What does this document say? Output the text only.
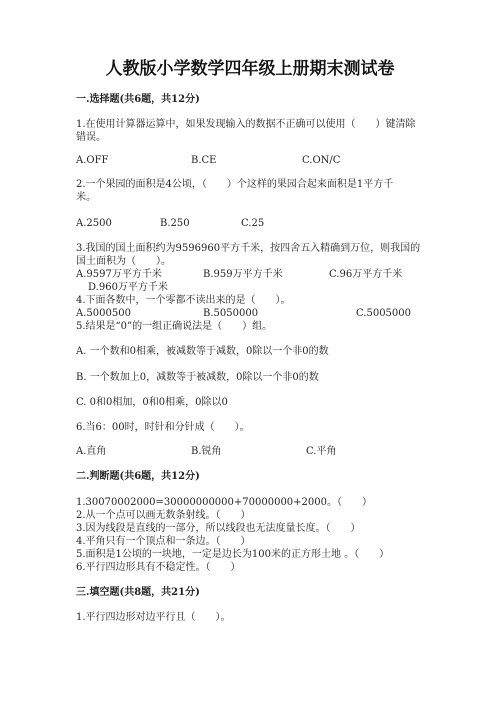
人教版小学数学四年级上册期末测试卷
一.选择题(共6题，共12分)
1.在使用计算器运算中，如果发现输入的数据不正确可以使用（　　）键清除
错误。
A.OFF	B.CE	C.ON/C
2.一个果园的面积是4公顷，（　　）个这样的果园合起来面积是1平方千
米。
A.2500	B.250	C.25
3.我国的国土面积约为9596960平方千米，按四舍五入精确到万位，则我国的
国土面积为（　　）。
A.9597万平方千米	B.959万平方千米	C.96万平方千米
D.960万平方千米
4.下面各数中，一个零都不读出来的是（　　）。
A.5000500	B.5050000	C.5005000
5.结果是“0”的一组正确说法是（　　）组。
A. 一个数和0相乘，被减数等于减数，0除以一个非0的数
B. 一个数加上0，减数等于被减数，0除以一个非0的数
C. 0和0相加，0和0相乘，0除以0
6.当6：00时，时针和分针成（　　）。
A.直角	B.锐角	C.平角
二.判断题(共6题，共12分)
1.30070002000=30000000000+70000000+2000。（　　）
2.从一个点可以画无数条射线。（　　）
3.因为线段是直线的一部分，所以线段也无法度量长度。（　　）
4.平角只有一个顶点和一条边。（　　）
5.面积是1公顷的一块地，一定是边长为100米的正方形土地 。（　　）
6.平行四边形具有不稳定性。（　　）
三.填空题(共8题，共21分)
1.平行四边形对边平行且（　　）。
